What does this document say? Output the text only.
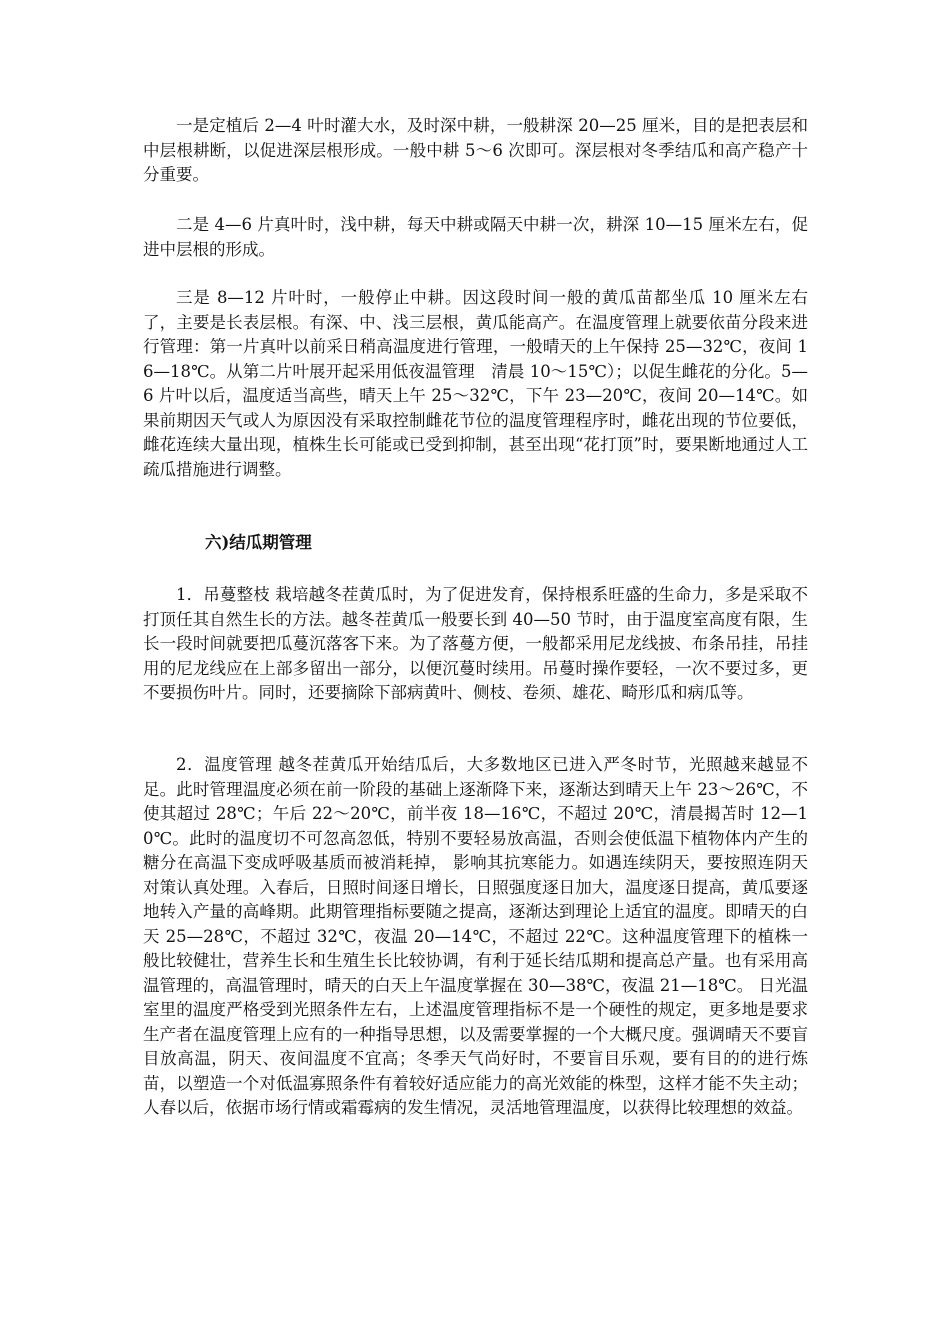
一是定植后 2—4 叶时灌大水，及时深中耕，一般耕深 20—25 厘米，目的是把表层和中层根耕断，以促进深层根形成。一般中耕 5～6 次即可。深层根对冬季结瓜和高产稳产十分重要。

二是 4—6 片真叶时，浅中耕，每天中耕或隔天中耕一次，耕深 10—15 厘米左右，促进中层根的形成。

三是 8—12 片叶时，一般停止中耕。因这段时间一般的黄瓜苗都坐瓜 10 厘米左右了，主要是长表层根。有深、中、浅三层根，黄瓜能高产。在温度管理上就要依苗分段来进行管理：第一片真叶以前采日稍高温度进行管理，一般晴天的上午保持 25—32℃，夜间 16—18℃。从第二片叶展开起采用低夜温管理　清晨 10～15℃）；以促生雌花的分化。5—6 片叶以后，温度适当高些，晴天上午 25～32℃，下午 23—20℃，夜间 20—14℃。如果前期因天气或人为原因没有采取控制雌花节位的温度管理程序时，雌花出现的节位要低，雌花连续大量出现，植株生长可能或已受到抑制，甚至出现“花打顶”时，要果断地通过人工疏瓜措施进行调整。

六)结瓜期管理

1．吊蔓整枝 栽培越冬茬黄瓜时，为了促进发育，保持根系旺盛的生命力，多是采取不打顶任其自然生长的方法。越冬茬黄瓜一般要长到 40—50 节时，由于温度室高度有限，生长一段时间就要把瓜蔓沉落客下来。为了落蔓方便，一般都采用尼龙线披、布条吊挂，吊挂用的尼龙线应在上部多留出一部分，以便沉蔓时续用。吊蔓时操作要轻，一次不要过多，更不要损伤叶片。同时，还要摘除下部病黄叶、侧枝、卷须、雄花、畸形瓜和病瓜等。

2．温度管理 越冬茬黄瓜开始结瓜后，大多数地区已进入严冬时节，光照越来越显不足。此时管理温度必须在前一阶段的基础上逐渐降下来，逐渐达到晴天上午 23～26℃，不使其超过 28℃；午后 22～20℃，前半夜 18—16℃，不超过 20℃，清晨揭苫时 12—10℃。此时的温度切不可忽高忽低，特别不要轻易放高温，否则会使低温下植物体内产生的糖分在高温下变成呼吸基质而被消耗掉， 影响其抗寒能力。如遇连续阴天，要按照连阴天对策认真处理。入春后，日照时间逐日增长，日照强度逐日加大，温度逐日提高，黄瓜要逐地转入产量的高峰期。此期管理指标要随之提高，逐渐达到理论上适宜的温度。即晴天的白天 25—28℃，不超过 32℃，夜温 20—14℃，不超过 22℃。这种温度管理下的植株一般比较健壮，营养生长和生殖生长比较协调，有利于延长结瓜期和提高总产量。也有采用高温管理的，高温管理时，晴天的白天上午温度掌握在 30—38℃，夜温 21—18℃。 日光温室里的温度严格受到光照条件左右，上述温度管理指标不是一个硬性的规定，更多地是要求生产者在温度管理上应有的一种指导思想，以及需要掌握的一个大概尺度。强调晴天不要盲目放高温，阴天、夜间温度不宜高；冬季天气尚好时，不要盲目乐观，要有目的的进行炼苗，以塑造一个对低温寡照条件有着较好适应能力的高光效能的株型，这样才能不失主动；人春以后，依据市场行情或霜霉病的发生情况，灵活地管理温度，以获得比较理想的效益。
